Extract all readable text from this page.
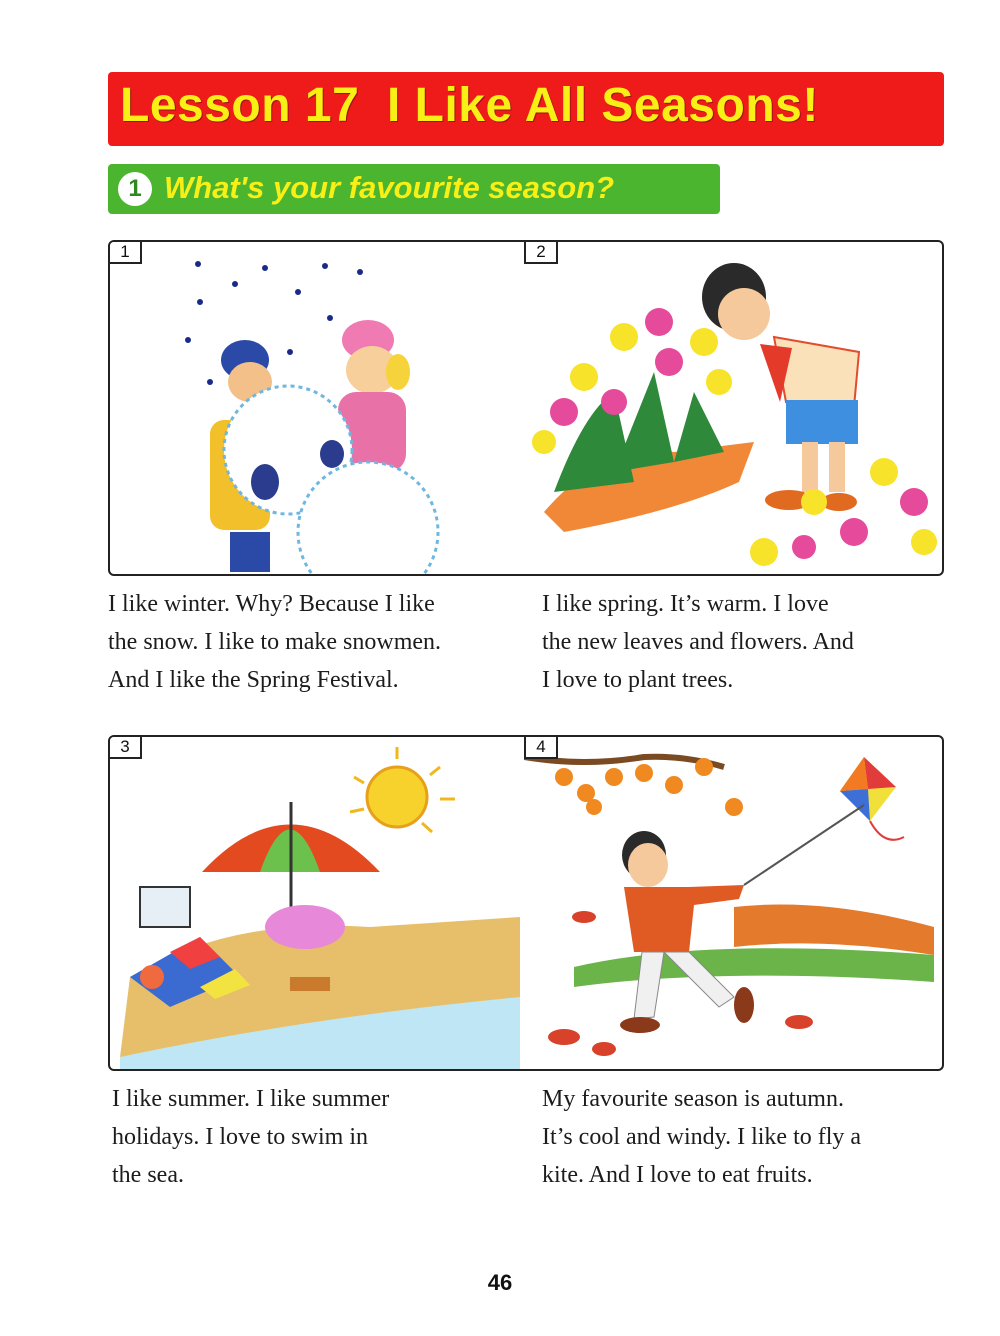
Lesson 17  I Like All Seasons!
1 What's your favourite season?
1	2
I like winter. Why? Because I like
the snow. I like to make snowmen.
And I like the Spring Festival.
I like spring. It’s warm. I love
the new leaves and flowers. And
I love to plant trees.
3	4
I like summer. I like summer
holidays. I love to swim in
the sea.
My favourite season is autumn.
It’s cool and windy. I like to fly a
kite. And I love to eat fruits.
46
